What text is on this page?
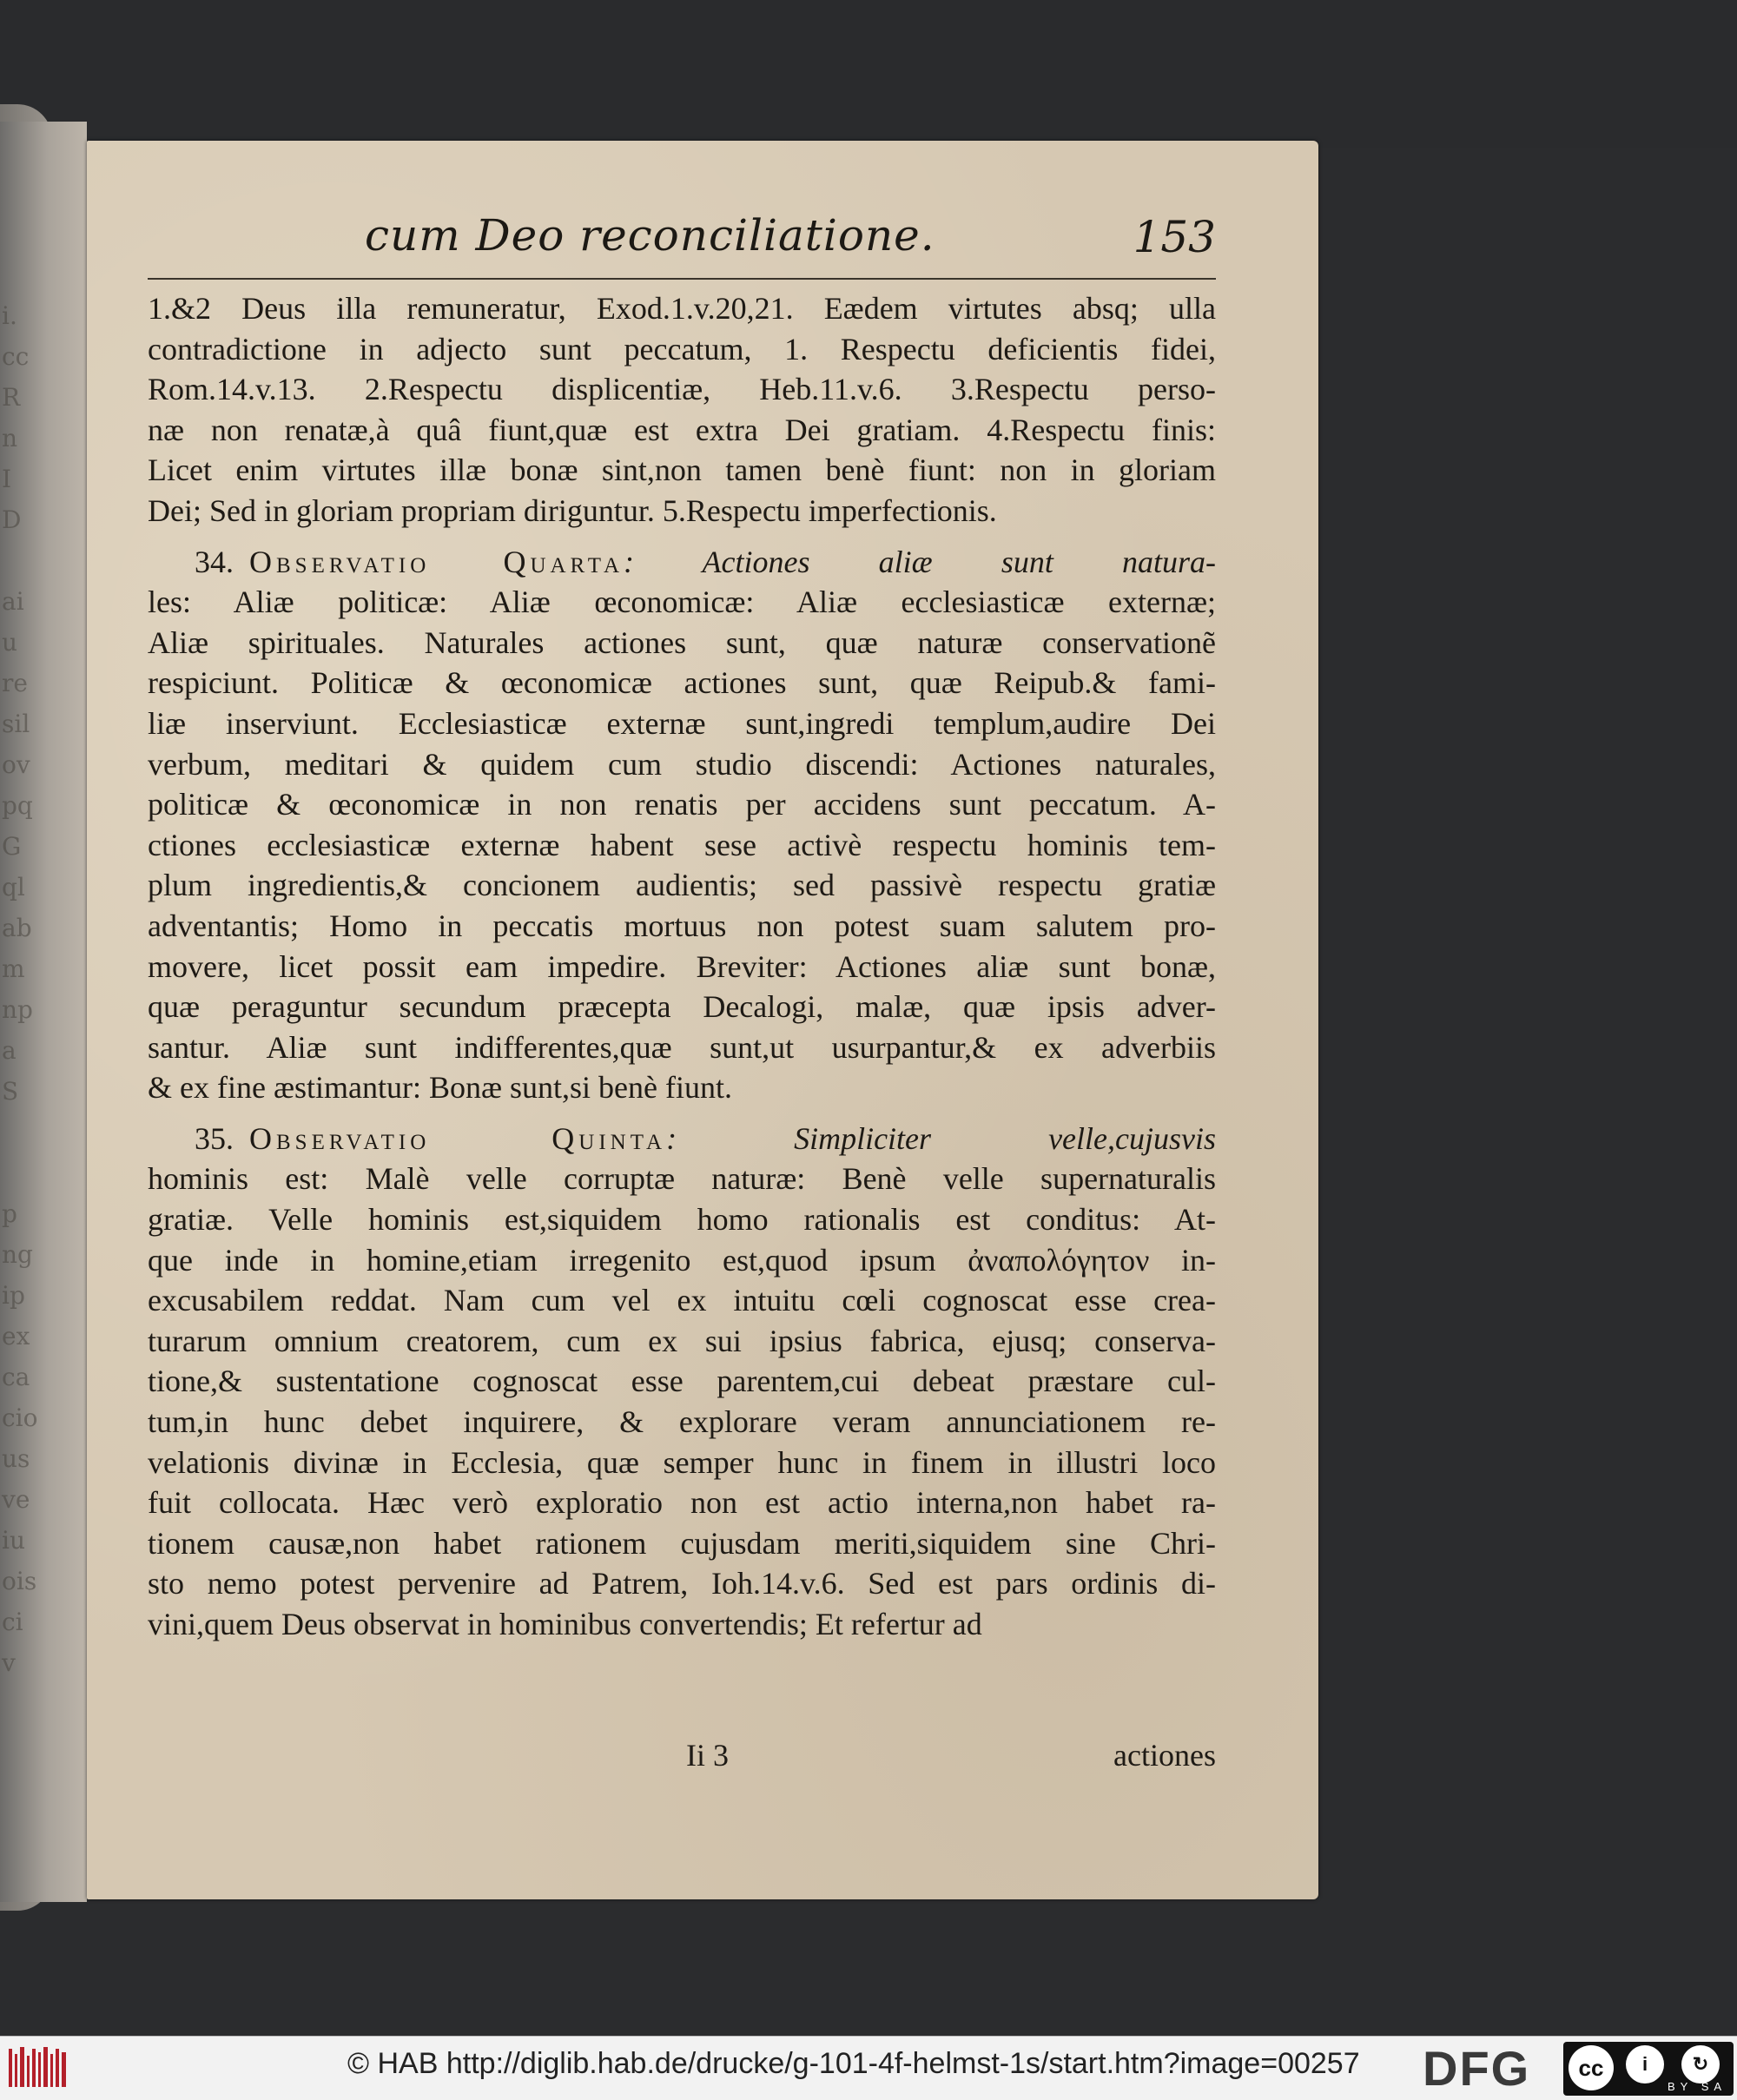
i.
cc
R
n
I
D
ai
u
re
sil
ov
pq
G
ql
ab
m
np
a
S
p
ng
ip
ex
ca
cio
us
ve
iu
ois
ci
v
cum Deo reconciliatione.	153

1.&2 Deus illa remuneratur, Exod.1.v.20,21. Eædem virtutes absq; ulla
contradictione in adjecto sunt peccatum, 1. Respectu deficientis fidei,
Rom.14.v.13. 2.Respectu displicentiæ, Heb.11.v.6. 3.Respectu perso-
næ non renatæ,à quâ fiunt,quæ est extra Dei gratiam. 4.Respectu finis:
Licet enim virtutes illæ bonæ sint,non tamen benè fiunt: non in gloriam
Dei; Sed in gloriam propriam diriguntur. 5.Respectu imperfectionis.

  34.  Observatio Quarta: Actiones aliæ sunt natura-
les: Aliæ politicæ: Aliæ œconomicæ: Aliæ ecclesiasticæ externæ;
Aliæ spirituales. Naturales actiones sunt, quæ naturæ conservationẽ
respiciunt. Politicæ & œconomicæ actiones sunt, quæ Reipub.& fami-
liæ inserviunt. Ecclesiasticæ externæ sunt,ingredi templum,audire Dei
verbum, meditari & quidem cum studio discendi: Actiones naturales,
politicæ & œconomicæ in non renatis per accidens sunt peccatum. A-
ctiones ecclesiasticæ externæ habent sese activè respectu hominis tem-
plum ingredientis,& concionem audientis; sed passivè respectu gratiæ
adventantis; Homo in peccatis mortuus non potest suam salutem pro-
movere, licet possit eam impedire. Breviter: Actiones aliæ sunt bonæ,
quæ peraguntur secundum præcepta Decalogi, malæ, quæ ipsis adver-
santur. Aliæ sunt indifferentes,quæ sunt,ut usurpantur,& ex adverbiis
& ex fine æstimantur: Bonæ sunt,si benè fiunt.

  35.  Observatio Quinta: Simpliciter velle,cujusvis
hominis est: Malè velle corruptæ naturæ: Benè velle supernaturalis
gratiæ. Velle hominis est,siquidem homo rationalis est conditus: At-
que inde in homine,etiam irregenito est,quod ipsum ἀναπολόγητον in-
excusabilem reddat. Nam cum vel ex intuitu cœli cognoscat esse crea-
turarum omnium creatorem, cum ex sui ipsius fabrica, ejusq; conserva-
tione,& sustentatione cognoscat esse parentem,cui debeat præstare cul-
tum,in hunc debet inquirere, & explorare veram annunciationem re-
velationis divinæ in Ecclesia, quæ semper hunc in finem in illustri loco
fuit collocata. Hæc verò exploratio non est actio interna,non habet ra-
tionem causæ,non habet rationem cujusdam meriti,siquidem sine Chri-
sto nemo potest pervenire ad Patrem, Ioh.14.v.6. Sed est pars ordinis di-
vini,quem Deus observat in hominibus convertendis; Et refertur ad

Ii 3	actiones
© HAB http://diglib.hab.de/drucke/g-101-4f-helmst-1s/start.htm?image=00257 DFG	cc	i	↻
BY SA
